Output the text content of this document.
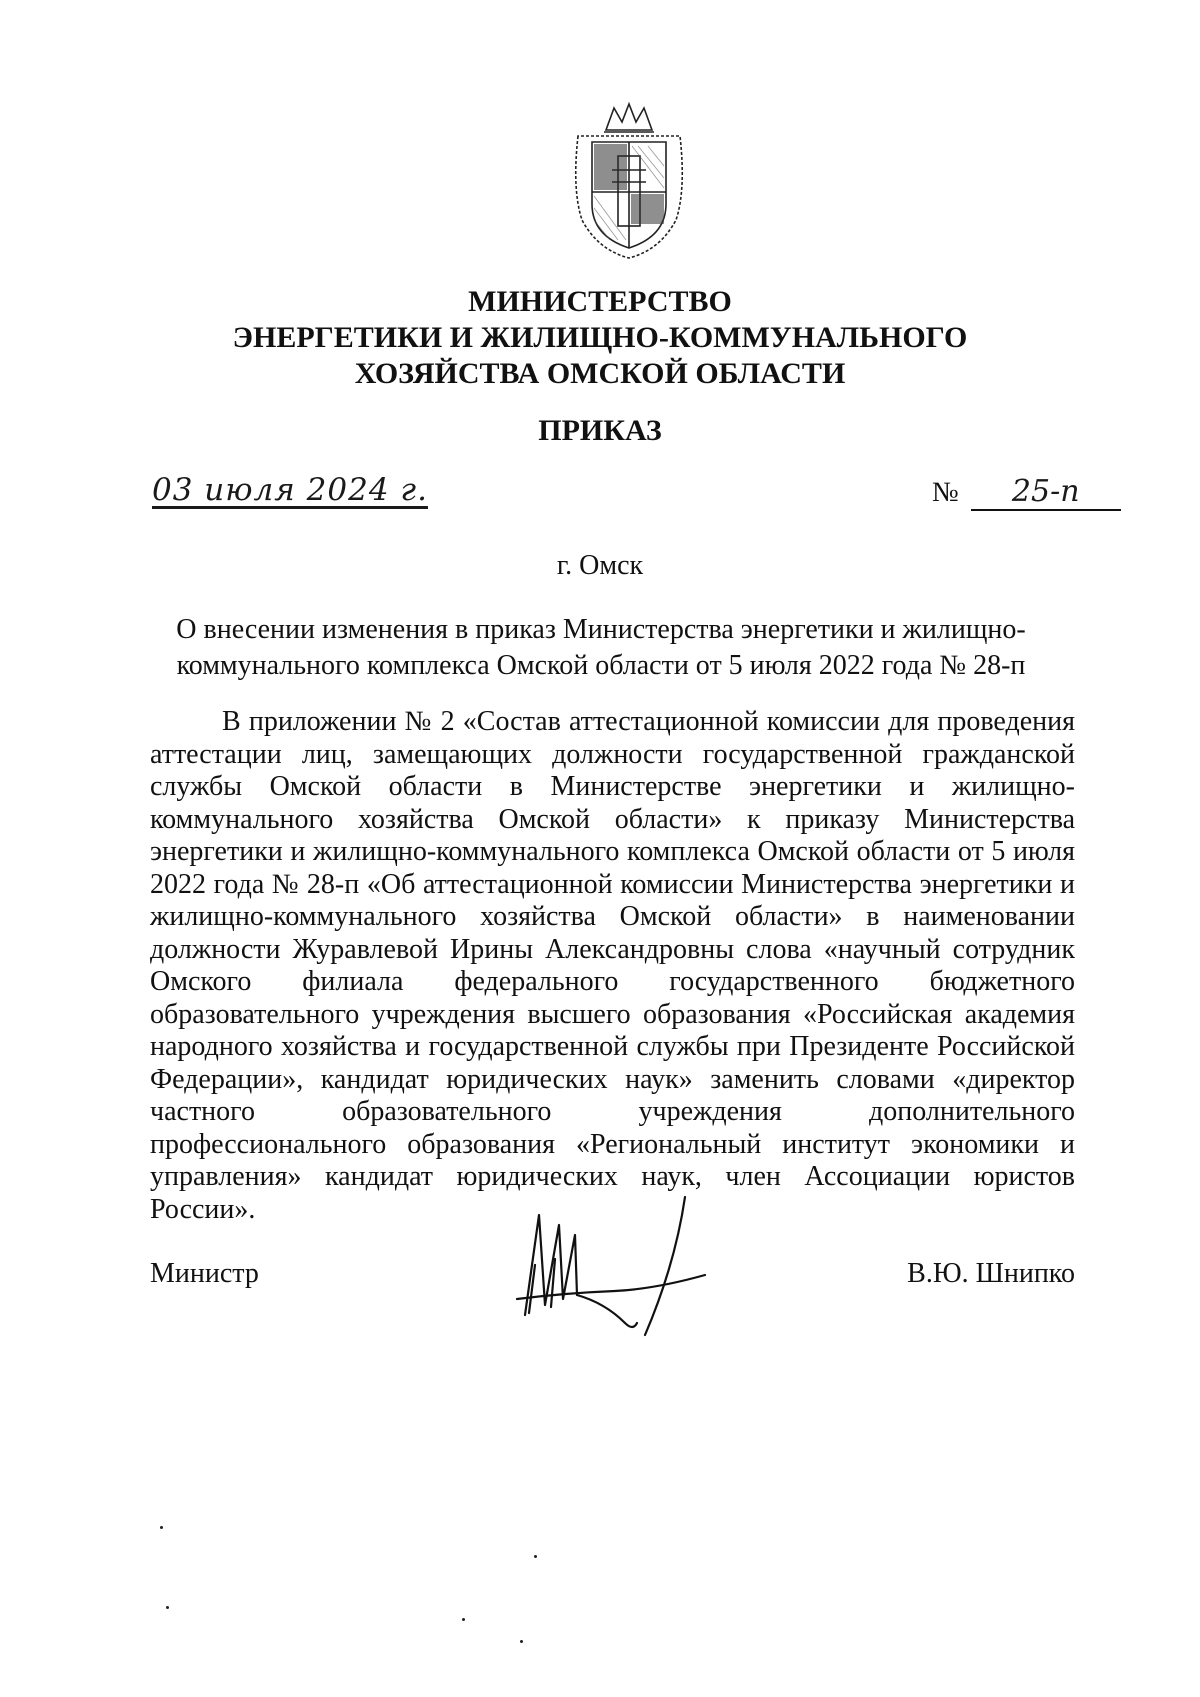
МИНИСТЕРСТВО
ЭНЕРГЕТИКИ И ЖИЛИЩНО-КОММУНАЛЬНОГО
ХОЗЯЙСТВА ОМСКОЙ ОБЛАСТИ
ПРИКАЗ
03 июля 2024 г.	№	25-п
г. Омск
О внесении изменения в приказ Министерства энергетики и жилищно-коммунального комплекса Омской области от 5 июля 2022 года № 28-п
В приложении № 2 «Состав аттестационной комиссии для проведения аттестации лиц, замещающих должности государственной гражданской службы Омской области в Министерстве энергетики и жилищно-коммунального хозяйства Омской области» к приказу Министерства энергетики и жилищно-коммунального комплекса Омской области от 5 июля 2022 года № 28-п «Об аттестационной комиссии Министерства энергетики и жилищно-коммунального хозяйства Омской области» в наименовании должности Журавлевой Ирины Александровны слова «научный сотрудник Омского филиала федерального государственного бюджетного образовательного учреждения высшего образования «Российская академия народного хозяйства и государственной службы при Президенте Российской Федерации», кандидат юридических наук» заменить словами «директор частного образовательного учреждения дополнительного профессионального образования «Региональный институт экономики и управления» кандидат юридических наук, член Ассоциации юристов России».
Министр	В.Ю. Шнипко
